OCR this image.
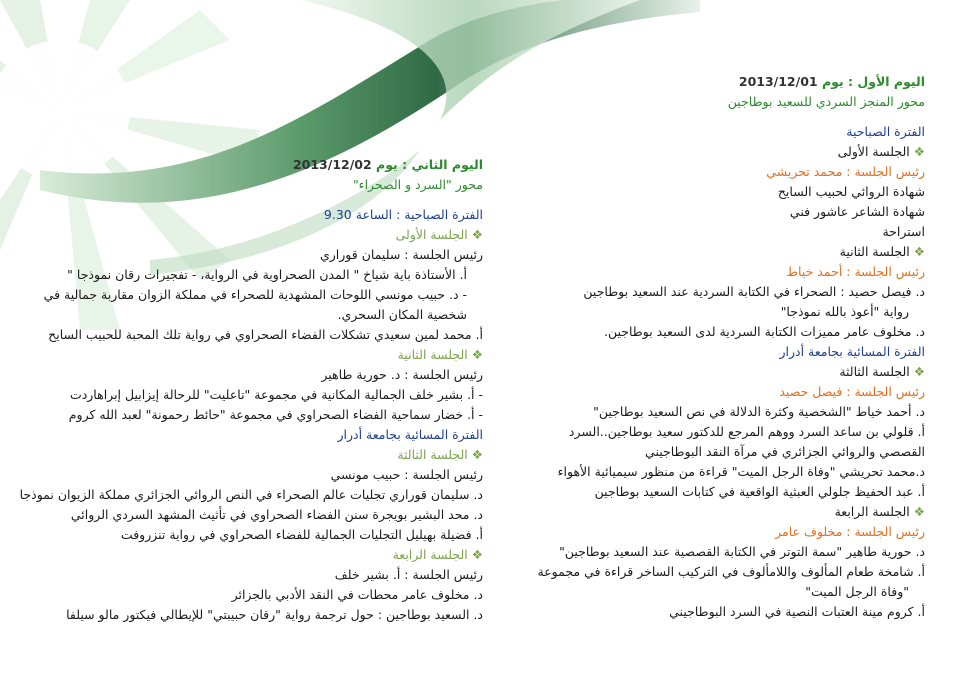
اليوم الأول : يوم 2013/12/01
محور المنجز السردي للسعيد بوطاجين
الفترة الصباحية
❖الجلسة الأولى
رئيس الجلسة : محمد تحريشي
شهادة الروائي لحبيب السايح
شهادة الشاعر عاشور فني
استراحة
❖الجلسة الثانية
رئيس الجلسة : أحمد خياط
د. فيصل حصيد : الصحراء في الكتابة السردية عند السعيد بوطاجين
رواية "أعوذ بالله نموذجا"
د. مخلوف عامر مميزات الكتابة السردية لدى السعيد بوطاجين.
الفترة المسائية بجامعة أدرار
❖الجلسة الثالثة
رئيس الجلسة : فيصل حصيد
د. أحمد خياط "الشخصية وكثرة الدلالة في نص السعيد بوطاجين"
أ. قلولي بن ساعد السرد ووهم المرجع للدكتور سعيد بوطاجين..السرد
القصصي والروائي الجزائري في مرآة النقد البوطاجيني
د.محمد تحريشي "وفاة الرجل الميت" قراءة من منظور سيميائية الأهواء
أ. عبد الحفيظ جلولي العبثية الواقعية في كتابات السعيد بوطاجين
❖الجلسة الرابعة
رئيس الجلسة : مخلوف عامر
د. حورية طاهير "سمة التوتر في الكتابة القصصية عند السعيد بوطاجين"
أ. شامخة طعام المألوف واللامألوف في التركيب الساخر قراءة في مجموعة
"وفاة الرجل الميت"
أ. كروم مينة العتبات النصية في السرد البوطاجيني
اليوم الثاني : يوم 2013/12/02
محور "السرد و الصحراء"
الفترة الصباحية : الساعة 9.30
❖الجلسة الأولى
رئيس الجلسة : سليمان قوراري
أ. الأستاذة باية شياخ " المدن الصحراوية في الرواية، - تفجيرات رقان نموذجا "
- د. حبيب مونسي اللوحات المشهدية للصحراء في مملكة الزوان مقاربة جمالية في شخصية المكان السحري.
أ. محمد لمين سعيدي تشكلات الفضاء الصحراوي في رواية تلك المحبة للحبيب السايح
❖الجلسة الثانية
رئيس الجلسة : د. حورية طاهير
- أ. بشير خلف الجمالية المكانية في مجموعة "تاعليت" للرحالة إيزابيل إبراهاردت
- أ. خضار سماحية الفضاء الصحراوي في مجموعة "حائط رحمونة" لعبد الله كروم
الفترة المسائية بجامعة أدرار
❖الجلسة الثالثة
رئيس الجلسة : حبيب مونسي
د. سليمان قوراري تجليات عالم الصحراء في النص الروائي الجزائري مملكة الزيوان نموذجا
د. محد البشير بويجرة سنن الفضاء الصحراوي في تأثيث المشهد السردي الروائي
أ. فضيلة بهيليل التجليات الجمالية للفضاء الصحراوي في رواية تنزروفت
❖الجلسة الرابعة
رئيس الجلسة : أ. بشير خلف
د. مخلوف عامر محطات في النقد الأدبي بالجزائر
د. السعيد بوطاجين : حول ترجمة رواية "رقان حبيبتي" للإيطالي فيكتور مالو سيلفا
